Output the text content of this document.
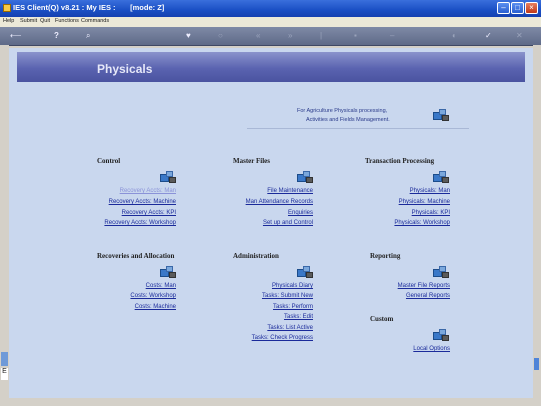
IES Client(Q) v8.21 : My IES :       [mode: Z]	–	□	×
Help Submit Quit Functions Commands
⟵	?	⌕	♥	○	«	»	|	▪	–	◐	✓	✕
E
Physicals
For Agriculture Physicals processing,
Activities and Fields Management.
Control
Recovery Accts: Man
Recovery Accts: Machine
Recovery Accts: KPI
Recovery Accts: Workshop
Master Files
File Maintenance
Man Attendance Records
Enquiries
Set up and Control
Transaction Processing
Physicals: Man
Physicals: Machine
Physicals: KPI
Physicals: Workshop
Recoveries and Allocation
Costs: Man
Costs: Workshop
Costs: Machine
Administration
Physicals Diary
Tasks: Submit New
Tasks: Perform
Tasks: Edit
Tasks: List Active
Tasks: Check Progress
Reporting
Master File Reports
General Reports
Custom
Local Options
